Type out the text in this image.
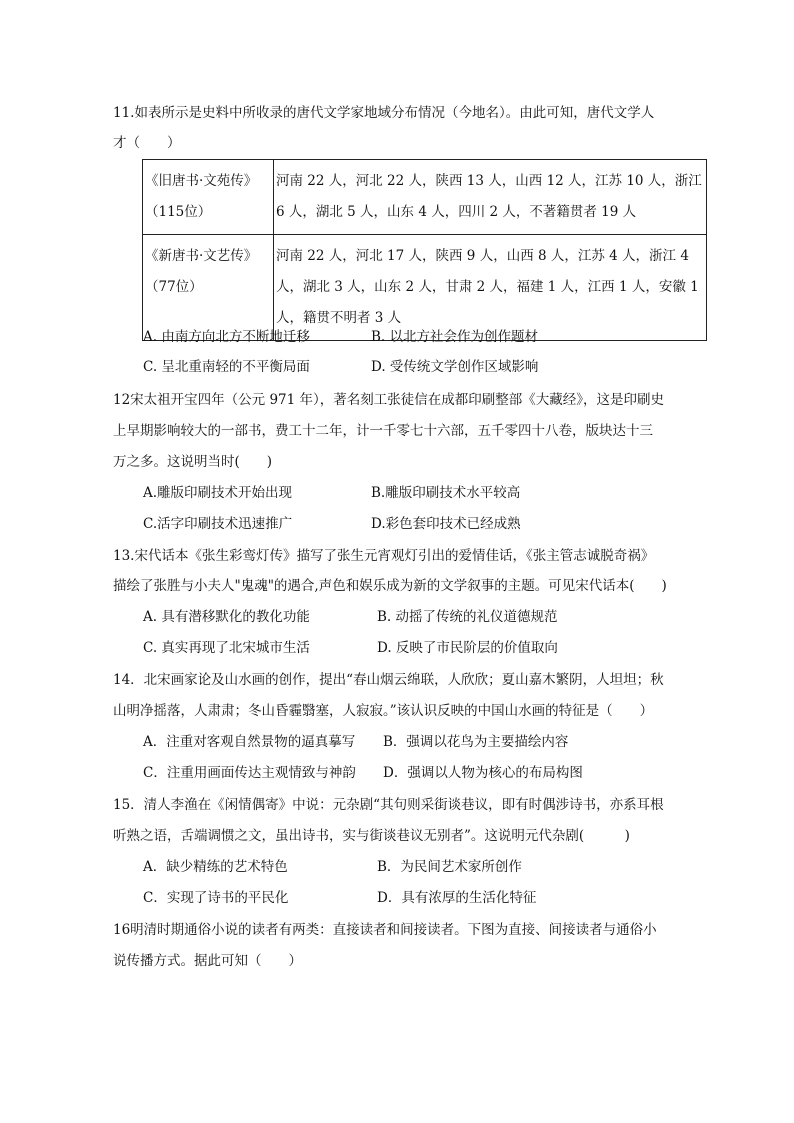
11.如表所示是史料中所收录的唐代文学家地域分布情况（今地名）。由此可知，唐代文学人
才（　　）
《旧唐书·文苑传》
（115位）	河南 22 人，河北 22 人，陕西 13 人，山西 12 人，江苏 10 人，浙江 6 人，湖北 5 人，山东 4 人，四川 2 人，不著籍贯者 19 人

《新唐书·文艺传》
（77位）	河南 22 人，河北 17 人，陕西 9 人，山西 8 人，江苏 4 人，浙江 4 人，湖北 3 人，山东 2 人，甘肃 2 人，福建 1 人，江西 1 人，安徽 1 人，籍贯不明者 3 人
A. 由南方向北方不断地迁移	B. 以北方社会作为创作题材
C. 呈北重南轻的不平衡局面	D. 受传统文学创作区域影响
12宋太祖开宝四年（公元 971 年），著名刻工张徒信在成都印刷整部《大藏经》，这是印刷史
上早期影响较大的一部书，费工十二年，计一千零七十六部，五千零四十八卷，版块达十三
万之多。这说明当时(　　)
A.雕版印刷技术开始出现	B.雕版印刷技术水平较高
C.活字印刷技术迅速推广	D.彩色套印技术已经成熟
13.宋代话本《张生彩鸾灯传》描写了张生元宵观灯引出的爱情佳话，《张主管志诚脱奇祸》
描绘了张胜与小夫人"鬼魂"的遇合,声色和娱乐成为新的文学叙事的主题。可见宋代话本(　　)
A. 具有潜移默化的教化功能	B. 动摇了传统的礼仪道德规范
C. 真实再现了北宋城市生活	D. 反映了市民阶层的价值取向
14．北宋画家论及山水画的创作，提出“春山烟云绵联，人欣欣；夏山嘉木繁阴，人坦坦；秋
山明净摇落，人肃肃；冬山昏霾翳塞，人寂寂。”该认识反映的中国山水画的特征是（　　）
A．注重对客观自然景物的逼真摹写 B．强调以花鸟为主要描绘内容
C．注重用画面传达主观情致与神韵 D．强调以人物为核心的布局构图
15．清人李渔在《闲情偶寄》中说：元杂剧“其句则采街谈巷议，即有时偶涉诗书，亦系耳根
听熟之语，舌端调惯之文，虽出诗书，实与街谈巷议无别者”。这说明元代杂剧(　　　)
A．缺少精练的艺术特色	B．为民间艺术家所创作
C．实现了诗书的平民化	D．具有浓厚的生活化特征
16明清时期通俗小说的读者有两类：直接读者和间接读者。下图为直接、间接读者与通俗小
说传播方式。据此可知（　　）
